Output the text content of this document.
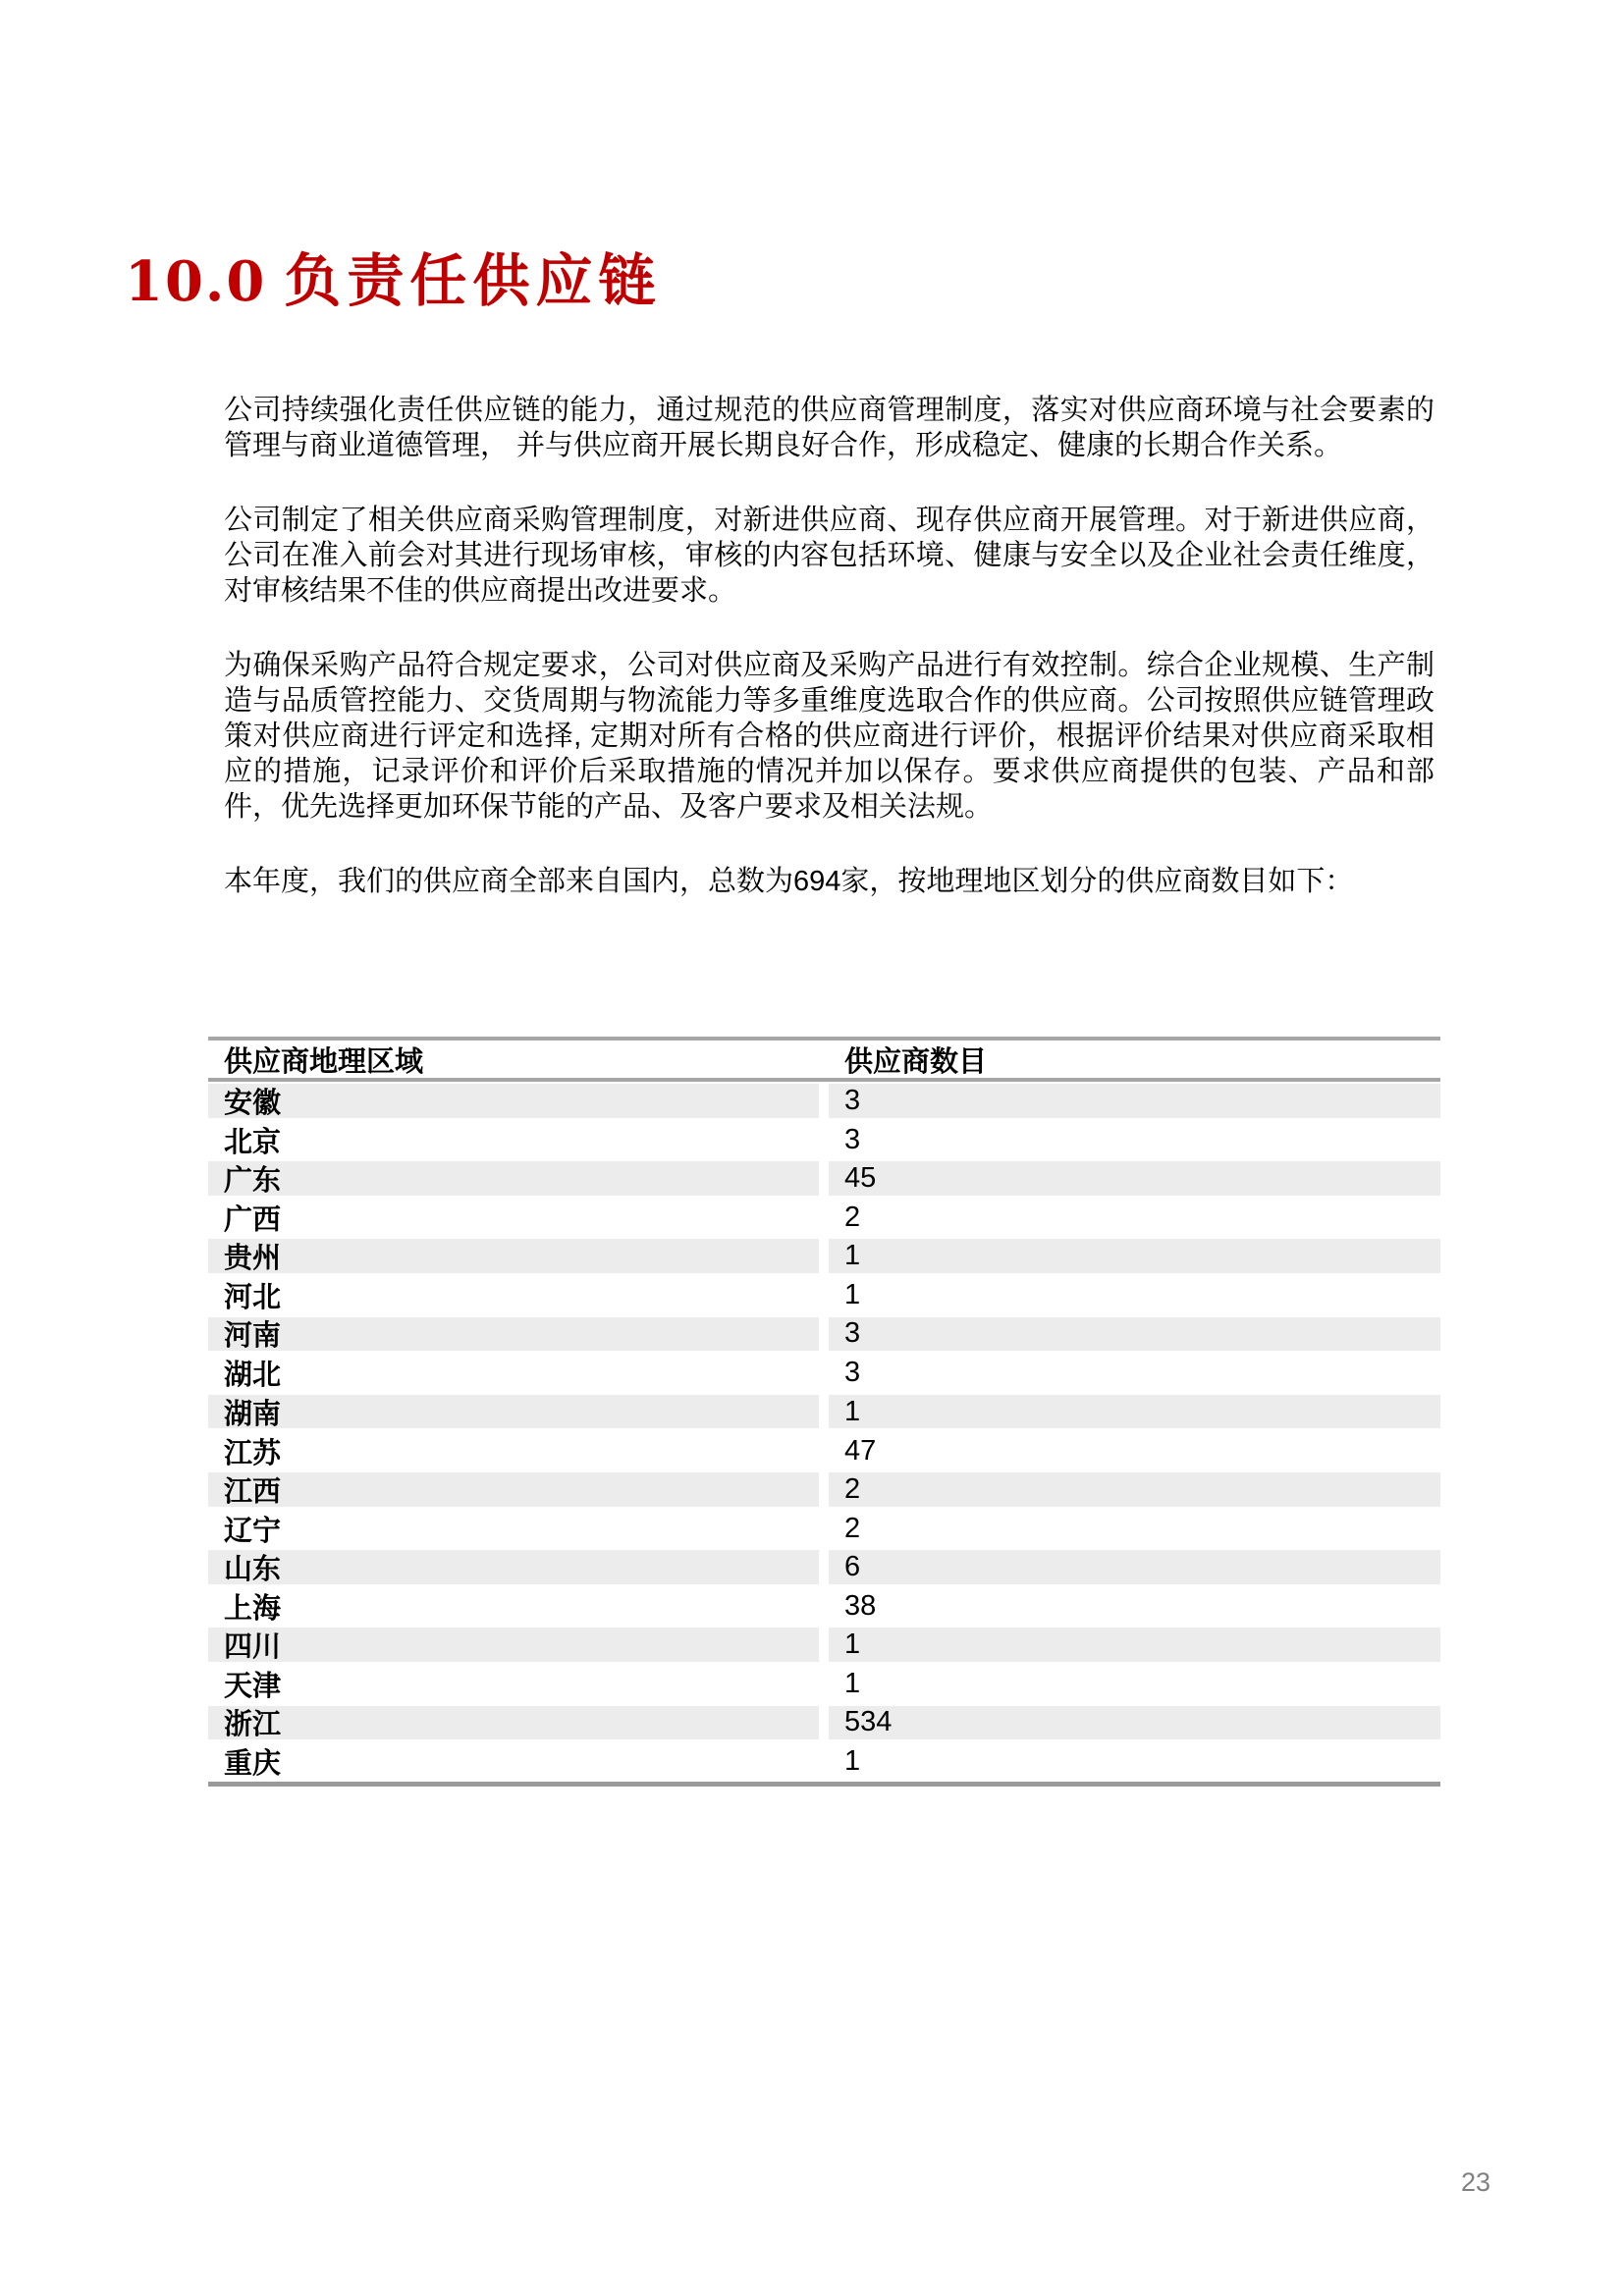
10.0 负责任供应链

公司持续强化责任供应链的能力，通过规范的供应商管理制度，落实对供应商环境与社会要素的管理与商业道德管理， 并与供应商开展长期良好合作，形成稳定、健康的长期合作关系。

公司制定了相关供应商采购管理制度，对新进供应商、现存供应商开展管理。对于新进供应商，公司在准入前会对其进行现场审核，审核的内容包括环境、健康与安全以及企业社会责任维度，对审核结果不佳的供应商提出改进要求。

为确保采购产品符合规定要求，公司对供应商及采购产品进行有效控制。综合企业规模、生产制造与品质管控能力、交货周期与物流能力等多重维度选取合作的供应商。公司按照供应链管理政策对供应商进行评定和选择, 定期对所有合格的供应商进行评价，根据评价结果对供应商采取相应的措施，记录评价和评价后采取措施的情况并加以保存。要求供应商提供的包装、产品和部件，优先选择更加环保节能的产品、及客户要求及相关法规。

本年度，我们的供应商全部来自国内，总数为694家，按地理地区划分的供应商数目如下：

供应商地理区域	供应商数目
安徽	3
北京	3
广东	45
广西	2
贵州	1
河北	1
河南	3
湖北	3
湖南	1
江苏	47
江西	2
辽宁	2
山东	6
上海	38
四川	1
天津	1
浙江	534
重庆	1
23
